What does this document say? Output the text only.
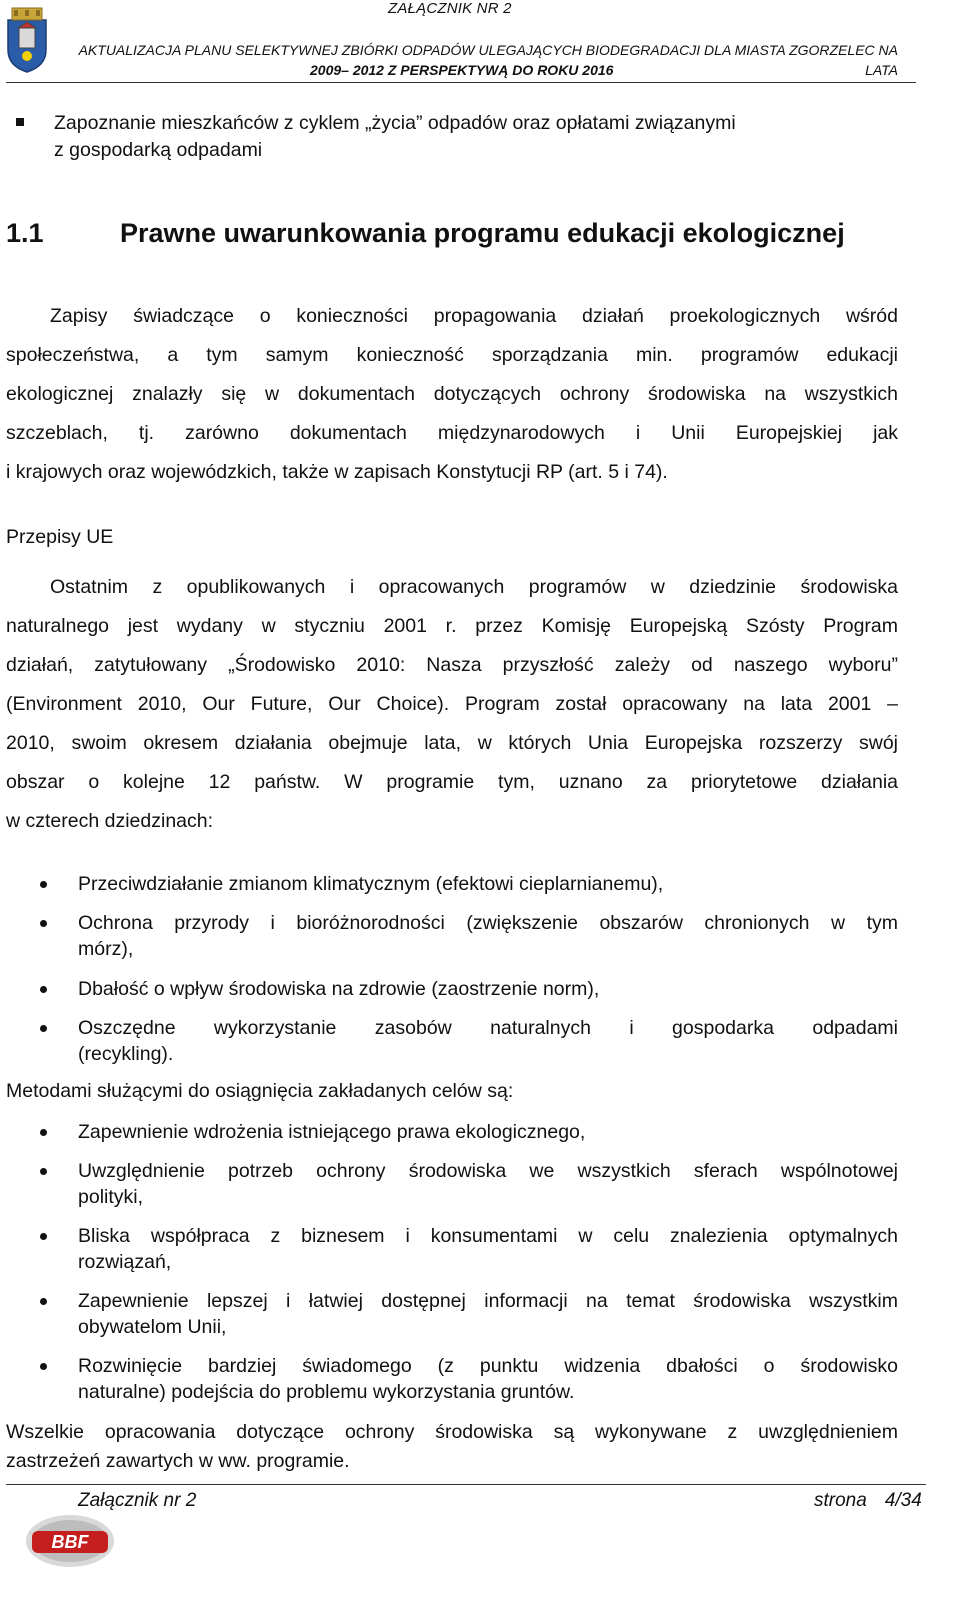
ZAŁĄCZNIK NR 2
AKTUALIZACJA PLANU SELEKTYWNEJ ZBIÓRKI ODPADÓW ULEGAJĄCYCH BIODEGRADACJI DLA MIASTA ZGORZELEC NA LATA
2009– 2012 Z PERSPEKTYWĄ DO ROKU 2016
Zapoznanie mieszkańców z cyklem „życia” odpadów oraz opłatami związanymi
z gospodarką odpadami
1.1	Prawne uwarunkowania programu edukacji ekologicznej
Zapisy świadczące o konieczności propagowania działań proekologicznych wśród
społeczeństwa, a tym samym konieczność sporządzania min. programów edukacji
ekologicznej znalazły się w dokumentach dotyczących ochrony środowiska na wszystkich
szczeblach, tj. zarówno dokumentach międzynarodowych i Unii Europejskiej jak
i krajowych oraz wojewódzkich, także w zapisach Konstytucji RP (art. 5 i 74).
Przepisy UE
Ostatnim z opublikowanych i opracowanych programów w dziedzinie środowiska
naturalnego jest wydany w styczniu 2001 r. przez Komisję Europejską Szósty Program
działań, zatytułowany „Środowisko 2010: Nasza przyszłość zależy od naszego wyboru”
(Environment 2010, Our Future, Our Choice). Program został opracowany na lata 2001 –
2010, swoim okresem działania obejmuje lata, w których Unia Europejska rozszerzy swój
obszar o kolejne 12 państw. W programie tym, uznano za priorytetowe działania
w czterech dziedzinach:
Przeciwdziałanie zmianom klimatycznym (efektowi cieplarnianemu),
Ochrona przyrody i bioróżnorodności (zwiększenie obszarów chronionych w tym
mórz),
Dbałość o wpływ środowiska na zdrowie (zaostrzenie norm),
Oszczędne wykorzystanie zasobów naturalnych i gospodarka odpadami
(recykling).
Metodami służącymi do osiągnięcia zakładanych celów są:
Zapewnienie wdrożenia istniejącego prawa ekologicznego,
Uwzględnienie potrzeb ochrony środowiska we wszystkich sferach wspólnotowej
polityki,
Bliska współpraca z biznesem i konsumentami w celu znalezienia optymalnych
rozwiązań,
Zapewnienie lepszej i łatwiej dostępnej informacji na temat środowiska wszystkim
obywatelom Unii,
Rozwinięcie bardziej świadomego (z punktu widzenia dbałości o środowisko
naturalne) podejścia do problemu wykorzystania gruntów.
Wszelkie opracowania dotyczące ochrony środowiska są wykonywane z uwzględnieniem
zastrzeżeń zawartych w ww. programie.
Załącznik nr 2	strona 4/34
BBF
